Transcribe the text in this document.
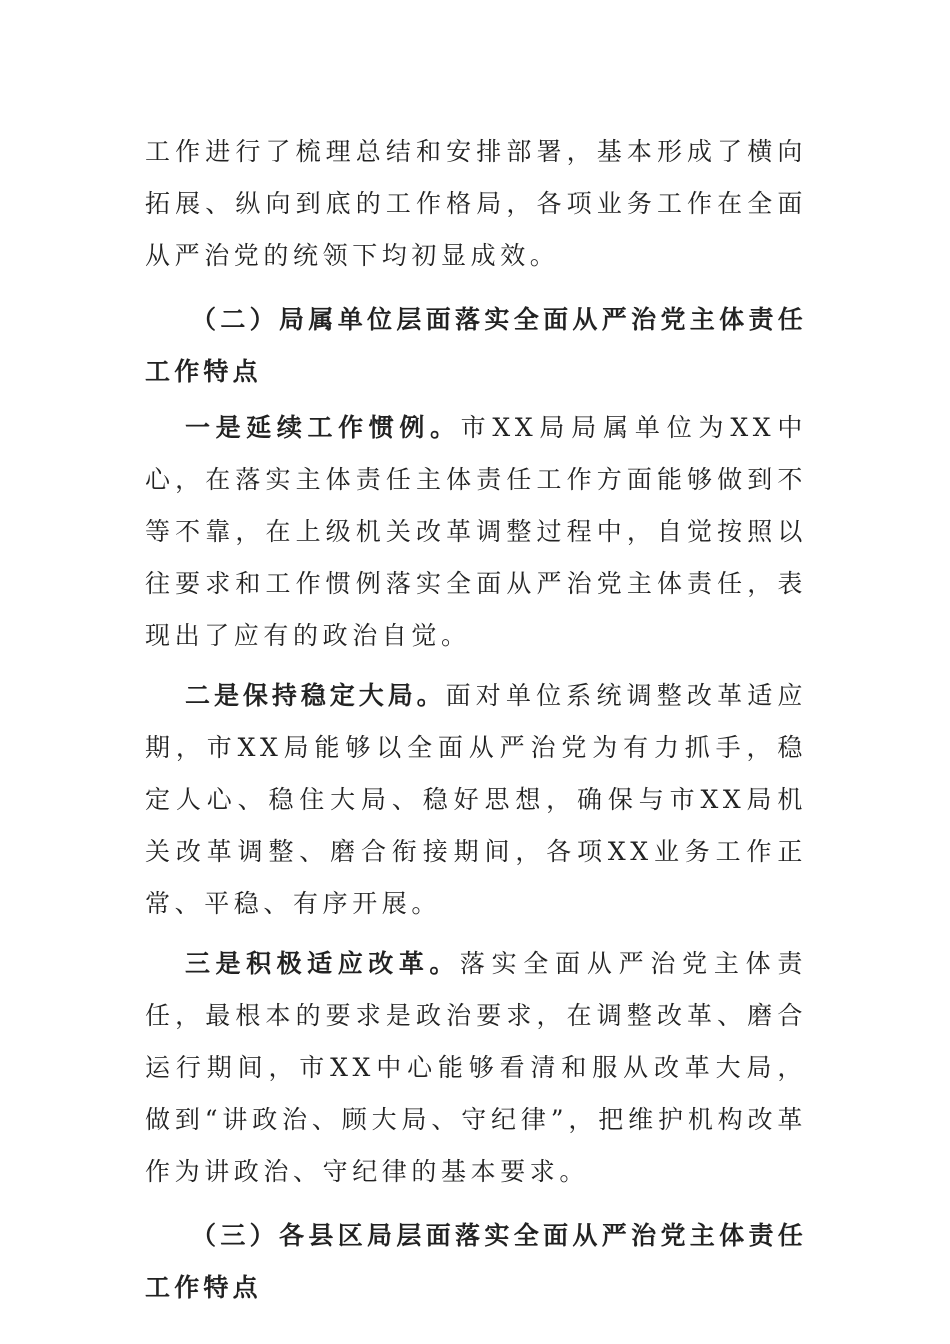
工作进行了梳理总结和安排部署，基本形成了横向拓展、纵向到底的工作格局，各项业务工作在全面从严治党的统领下均初显成效。

（二）局属单位层面落实全面从严治党主体责任工作特点

一是延续工作惯例。市XX局局属单位为XX中心，在落实主体责任主体责任工作方面能够做到不等不靠，在上级机关改革调整过程中，自觉按照以往要求和工作惯例落实全面从严治党主体责任，表现出了应有的政治自觉。

二是保持稳定大局。面对单位系统调整改革适应期，市XX局能够以全面从严治党为有力抓手，稳定人心、稳住大局、稳好思想，确保与市XX局机关改革调整、磨合衔接期间，各项XX业务工作正常、平稳、有序开展。

三是积极适应改革。落实全面从严治党主体责任，最根本的要求是政治要求，在调整改革、磨合运行期间，市XX中心能够看清和服从改革大局，做到“讲政治、顾大局、守纪律”，把维护机构改革作为讲政治、守纪律的基本要求。

（三）各县区局层面落实全面从严治党主体责任工作特点
